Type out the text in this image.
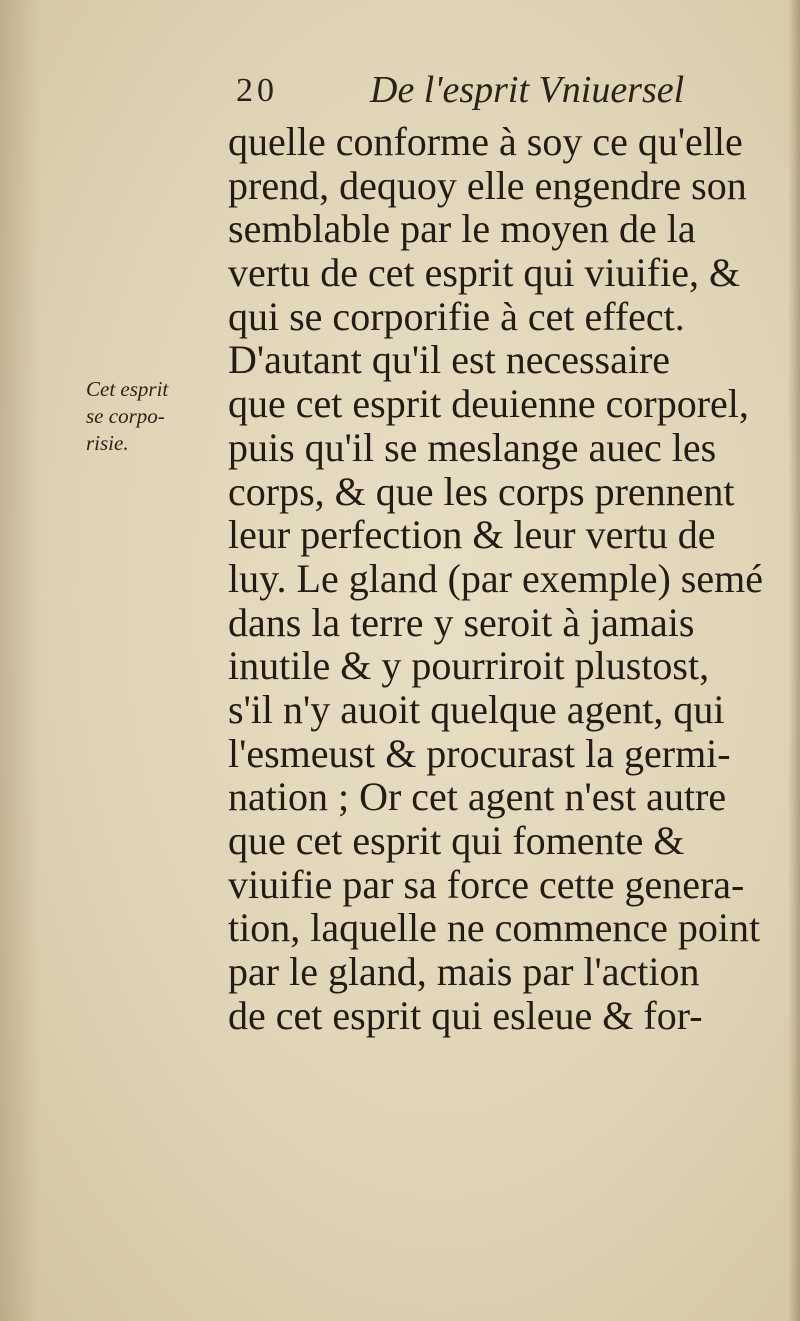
20 De l'esprit Vniuersel
Cet esprit
se corpo-
risie.
quelle conforme à soy ce qu'elle
prend, dequoy elle engendre son
semblable par le moyen de la
vertu de cet esprit qui viuifie, &
qui se corporifie à cet effect.
D'autant qu'il est necessaire
que cet esprit deuienne corporel,
puis qu'il se meslange auec les
corps, & que les corps prennent
leur perfection & leur vertu de
luy. Le gland (par exemple) semé
dans la terre y seroit à jamais
inutile & y pourriroit plustost,
s'il n'y auoit quelque agent, qui
l'esmeust & procurast la germi-
nation ; Or cet agent n'est autre
que cet esprit qui fomente &
viuifie par sa force cette genera-
tion, laquelle ne commence point
par le gland, mais par l'action
de cet esprit qui esleue & for-
